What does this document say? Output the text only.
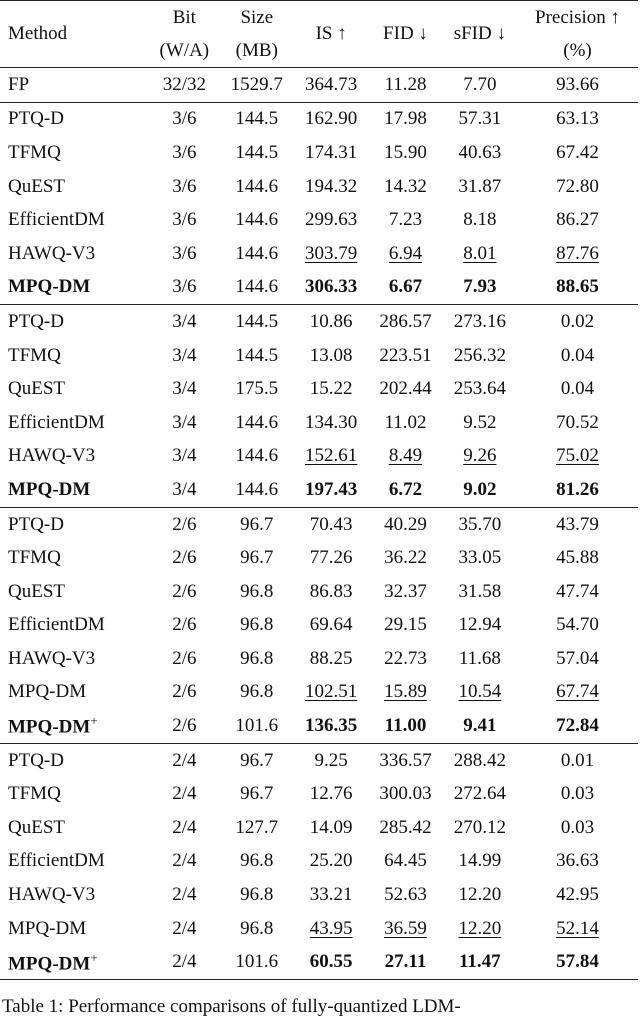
Method	Bit	Size	IS ↑	FID ↓	sFID ↓	Precision ↑
	(W/A)	(MB)				(%)
FP	32/32	1529.7	364.73	11.28	7.70	93.66
PTQ-D	3/6	144.5	162.90	17.98	57.31	63.13
TFMQ	3/6	144.5	174.31	15.90	40.63	67.42
QuEST	3/6	144.6	194.32	14.32	31.87	72.80
EfficientDM	3/6	144.6	299.63	7.23	8.18	86.27
HAWQ-V3	3/6	144.6	303.79	6.94	8.01	87.76
MPQ-DM	3/6	144.6	306.33	6.67	7.93	88.65
PTQ-D	3/4	144.5	10.86	286.57	273.16	0.02
TFMQ	3/4	144.5	13.08	223.51	256.32	0.04
QuEST	3/4	175.5	15.22	202.44	253.64	0.04
EfficientDM	3/4	144.6	134.30	11.02	9.52	70.52
HAWQ-V3	3/4	144.6	152.61	8.49	9.26	75.02
MPQ-DM	3/4	144.6	197.43	6.72	9.02	81.26
PTQ-D	2/6	96.7	70.43	40.29	35.70	43.79
TFMQ	2/6	96.7	77.26	36.22	33.05	45.88
QuEST	2/6	96.8	86.83	32.37	31.58	47.74
EfficientDM	2/6	96.8	69.64	29.15	12.94	54.70
HAWQ-V3	2/6	96.8	88.25	22.73	11.68	57.04
MPQ-DM	2/6	96.8	102.51	15.89	10.54	67.74
MPQ-DM+	2/6	101.6	136.35	11.00	9.41	72.84
PTQ-D	2/4	96.7	9.25	336.57	288.42	0.01
TFMQ	2/4	96.7	12.76	300.03	272.64	0.03
QuEST	2/4	127.7	14.09	285.42	270.12	0.03
EfficientDM	2/4	96.8	25.20	64.45	14.99	36.63
HAWQ-V3	2/4	96.8	33.21	52.63	12.20	42.95
MPQ-DM	2/4	96.8	43.95	36.59	12.20	52.14
MPQ-DM+	2/4	101.6	60.55	27.11	11.47	57.84
Table 1: Performance comparisons of fully-quantized LDM-
